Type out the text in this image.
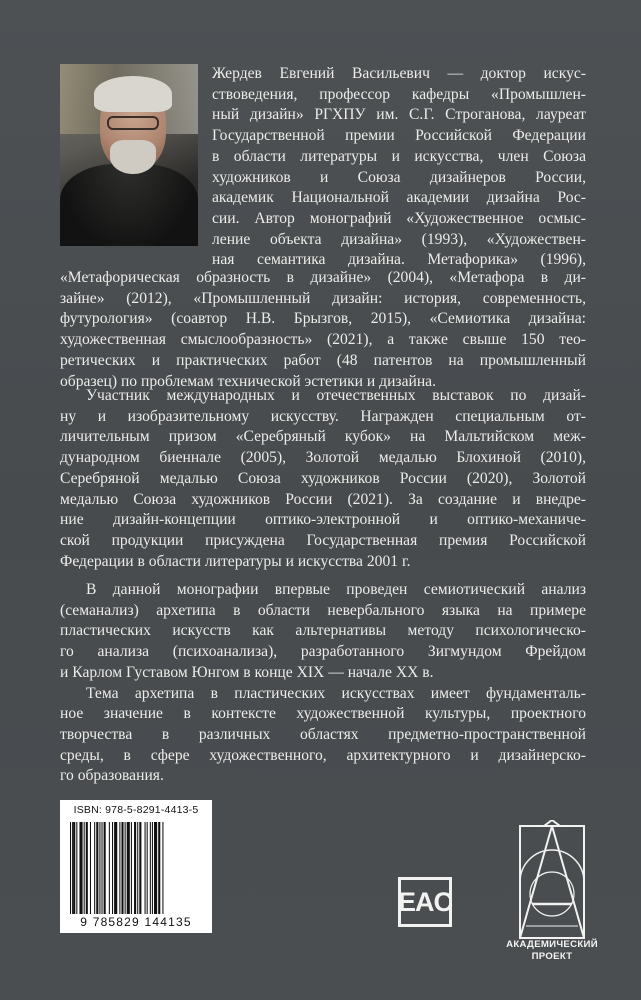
Жердев Евгений Васильевич — доктор искус-
ствоведения, профессор кафедры «Промышлен-
ный дизайн» РГХПУ им. С.Г. Строганова, лауреат
Государственной премии Российской Федерации
в области литературы и искусства, член Союза
художников и Союза дизайнеров России,
академик Национальной академии дизайна Рос-
сии. Автор монографий «Художественное осмыс-
ление объекта дизайна» (1993), «Художествен-
ная семантика дизайна. Метафорика» (1996),
«Метафорическая образность в дизайне» (2004), «Метафора в ди-
зайне» (2012), «Промышленный дизайн: история, современность,
футурология» (соавтор Н.В. Брызгов, 2015), «Семиотика дизайна:
художественная смыслообразность» (2021), а также свыше 150 тео-
ретических и практических работ (48 патентов на промышленный
образец) по проблемам технической эстетики и дизайна.
Участник международных и отечественных выставок по дизай-
ну и изобразительному искусству. Награжден специальным от-
личительным призом «Серебряный кубок» на Мальтийском меж-
дународном биеннале (2005), Золотой медалью Блохиной (2010),
Серебряной медалью Союза художников России (2020), Золотой
медалью Союза художников России (2021). За создание и внедре-
ние дизайн-концепции оптико-электронной и оптико-механиче-
ской продукции присуждена Государственная премия Российской
Федерации в области литературы и искусства 2001 г.

В данной монографии впервые проведен семиотический анализ
(семанализ) архетипа в области невербального языка на примере
пластических искусств как альтернативы методу психологическо-
го анализа (психоанализа), разработанного Зигмундом Фрейдом
и Карлом Густавом Юнгом в конце XIX — начале XX в.

Тема архетипа в пластических искусствах имеет фундаменталь-
ное значение в контексте художественной культуры, проектного
творчества в различных областях предметно-пространственной
среды, в сфере художественного, архитектурного и дизайнерско-
го образования.

ISBN: 978-5-8291-4413-5
9 785829 144135
EAC
АКАДЕМИЧЕСКИЙ
ПРОЕКТ
